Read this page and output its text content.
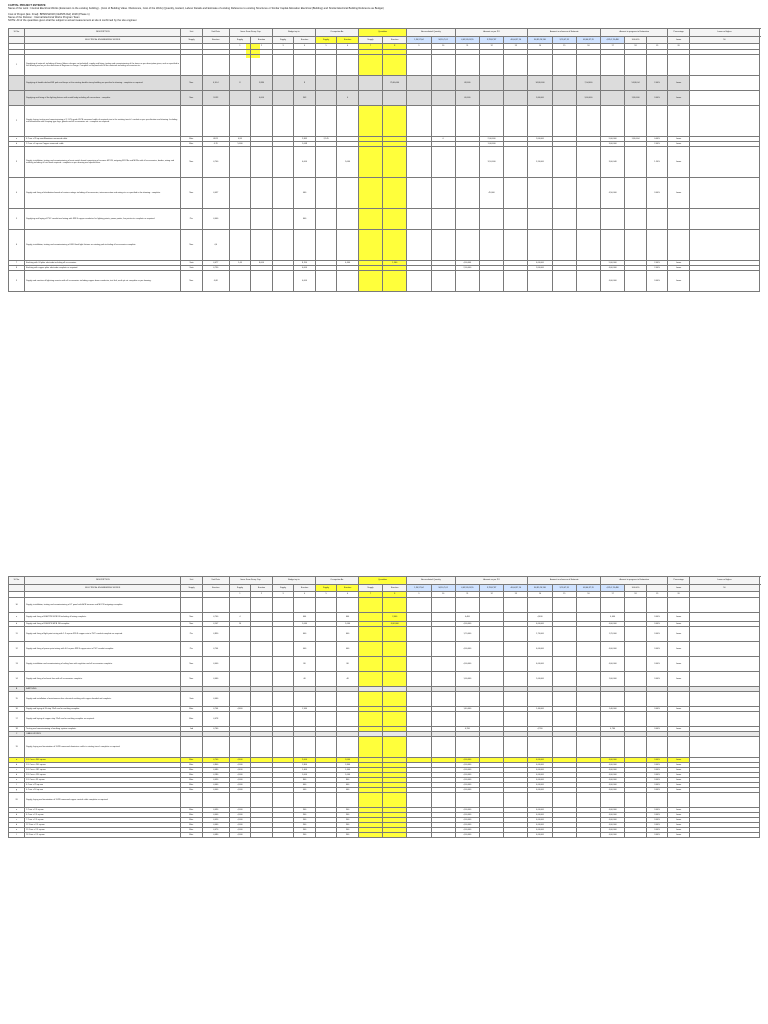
CAPITAL PROJECT ESTIMATE
Name of the work : Internal Electrical Works (Extension to the existing building) - (Cost of Building Value / Reference, Cost of the Work) (Quantity, Hazard, Labour Details and Estimate of existing Reference to existing Structures or Similar Capital Allocation Electrical (Building) and Similar Electrical Building Reference as Budget)
Cost of Project (Est. Final): BPMNS2018 (CEPMS Ref) 2018 (Phase 1)
Name of the Division : Internal Electrical Works Program Team
NOTE: All of the quantities given shall be subject to actual measurement at site & confirmed by the site engineer.
Sl. No.	DESCRIPTION	Unit	Unit Rate	Items From Scrap Cap.		Budget up to		Occupation As		Quantities		Accumulated Quantity		Amount as per PO			Amount in reference of Estimate			Amount in progress to Estimation			Percentage	Lower or Higher	
	ELECTRICAL ENGINEERING WORKS	Supply	Erection	Supply	Erection	Supply	Erection	Supply	Erection	Supply	Erection	1,34,97,64	34,10,7,01	4,65,93,03,55	3,78,67,87	46,44,97,10	84,85,26,130	3,76,07,31	48,64,87,70	4,85,1,76,480	100.00%		Lower	50	
				1	2	3	4	5	6	7	8	9	10	11	12	13	14	15	16	17	18	19	20		

1	Supplying of material, including all taxes (labour charges not included), supply and fixing, testing and commissioning of the items as per description given, and as specified in the drawing and as per the directions of Engineer in charge. Complete as required with all the materials including accessories etc.																								
	Supplying of double decked MS pole and lamps at the existing double storey building as specified in drawing - complete as required.	Nos.	4,10.4	8	5,880		8				25,60,000			48,000			34,80,000		7,04,000		54,80,04	2.00%	Lower		
	Supplying and fixing of the lighting fixtures with metal body including all connections - complete.	Nos.	24.33		4,000		303		0					40,000			3,60,000		3,60,000		1,80,000	3.00%	Lower		
2	Supply, laying, testing and commissioning of 1.1 KV grade XLPE armoured cable of required size in the existing trench / conduit as per specification and drawing. Including end termination with crimping type lugs, glands and all accessories etc - complete as required.																								
a	4 Core x 35 sq.mm Aluminium armoured cable	Mtrs.	48.11	4,84			2,865	2,145					0		2,00,000		2,00,000			5,00,000	1,80,004	0.00%	Lower		
b	2 Core x 6 sq.mm Copper armoured cable	Mtrs.	4.70	5,000			1,048								1,00,000					3,00,000		2.00%	Lower		
3	Supply, installation, testing and commissioning of main switch board comprising of incomer MCCB, outgoing MCCBs and MCBs with all accessories, busbar, wiring and earthing including all civil work required - complete as per drawing and specification.	Nos.	4,700				4,000		5,000						3,10,000		3,10,000			3,00,040		1.50%	Lower		
4	Supply and fixing of distribution boards of various ratings including all accessories, interconnection and wiring etc as specified in the drawing - complete.	Nos.	4,497				460								45,000					4,50,000		3.00%	Lower		
5	Supplying and laying of PVC conduit and wiring with FRLS copper conductor for lighting points, power points, fan points etc complete as required.	Pts.	4,440				600																		
6	Supply, installation, testing and commissioning of LED flood light fixtures on existing pole including all accessories complete.	Nos.	4,4																						
7	Earthing with GI plate electrode including all accessories.	Sets	4,477	1,44	8,000		8,150		4,440		1,560			4,00,004			4,00,000			5,00,000		2.00%	Lower		
8	Earthing with copper plate electrode complete as required.	Sets	4,790				4,000							2,00,000			2,00,000			4,00,000		2.00%	Lower		
9	Supply and erection of lightning arrestor with all accessories including copper down conductor, test link, earth pit etc complete as per drawing.	Nos.	4,08				4,000													4,00,000		3.00%	Lower		
Sl. No.	DESCRIPTION	Unit	Unit Rate	Items From Scrap Cap.		Budget up to		Occupation As		Quantities		Accumulated Quantity		Amount as per PO			Amount in reference of Estimate			Amount in progress to Estimation			Percentage	Lower or Higher	
	ELECTRICAL ENGINEERING WORKS	Supply	Erection	Supply	Erection	Supply	Erection	Supply	Erection	Supply	Erection	1,34,97,64	34,10,7,01	4,65,93,03,55	3,78,67,87	46,44,97,10	84,85,26,130	3,76,07,31	48,64,87,70	4,85,1,76,480	100.00%		Lower	50	
				1	2	3	4	5	6	7	8	9	10	11	12	13	14	15	16	17	18	19	20		
10	Supply, installation, testing and commissioning of LT panel with ACB incomer and MCCB outgoings complete.																								
a	Supply and fixing of 63A TPN MCB DB including all wiring complete.	Nos.	4,740	4			604		604		2,400			4,400			4,400			4,400		3.00%	Lower		
b	Supply and fixing of 32A SPN MCB DB complete.	Nos.	4,107	10			1,040		1,040		4,00,000			4,00,000			4,00,000			4,00,000		3.00%	Lower		
11	Supply and fixing of light point wiring with 1.5 sq.mm FRLS copper wire in PVC conduit complete as required.	Pts.	4,890				600		600					1,70,000			1,70,000			1,70,000		3.00%	Lower		
12	Supply and fixing of power point wiring with 4.0 sq.mm FRLS copper wire in PVC conduit complete.	Pts.	4,704				400		400					4,00,000			4,00,000			4,00,000		3.00%	Lower		
13	Supply, installation and commissioning of ceiling fans with regulator and all accessories complete.	Nos.	4,400				80		80					4,00,000			4,00,000			4,00,000		3.00%	Lower		
14	Supply and fixing of exhaust fans with all accessories complete.	Nos.	4,460				40		40					1,00,000			1,00,000			1,00,000		3.00%	Lower		
B	EARTHING																								
15	Supply and installation of maintenance-free chemical earthing with copper bonded rod complete.	Sets	4,460																						
16	Supply and laying of GI strip 25x3 mm for earthing complete.	Mtrs.	4,704	4,460			1,960							1,40,000			1,40,000			1,40,000		3.00%	Lower		
17	Supply and laying of copper strip 25x3 mm for earthing complete as required.	Mtrs.	4,478																						
18	Testing and commissioning of earthing system complete.	Job	4,760											4,760			4,760			4,760		3.00%	Lower		
C	CABLE WORKS																								
19	Supply, laying and termination of XLPE armoured aluminium cable in existing trench complete as required.																								
a	3.5 Core x 300 sq.mm	Mtrs.	4,740	4,600			2,000		2,000					4,00,000			4,00,000			4,00,000		3.00%	Lower		
b	3.5 Core x 240 sq.mm	Mtrs.	4,800	4,000			1,800		1,800					4,00,000			4,00,000			4,00,000		3.00%	Lower		
c	3.5 Core x 185 sq.mm	Mtrs.	4,480	4,400			1,400		1,400					4,00,000			4,00,000			4,00,000		3.00%	Lower		
d	3.5 Core x 150 sq.mm	Mtrs.	4,180	4,000			1,000		1,000					4,00,000			4,00,000			4,00,000		3.00%	Lower		
e	3.5 Core x 95 sq.mm	Mtrs.	4,090	4,000			800		800					4,00,000			4,00,000			4,00,000		3.00%	Lower		
f	4 Core x 25 sq.mm	Mtrs.	4,060	4,000			600		600					4,00,000			4,00,000			4,00,000		3.00%	Lower		
g	4 Core x 16 sq.mm	Mtrs.	4,040	4,000			400		400					4,00,000			4,00,000			4,00,000		3.00%	Lower		
20	Supply, laying and termination of XLPE armoured copper control cable complete as required.																								
a	2 Core x 2.5 sq.mm	Mtrs.	4,030	4,000			300		300					4,00,000			4,00,000			4,00,000		3.00%	Lower		
b	4 Core x 2.5 sq.mm	Mtrs.	4,040	4,000			300		300					4,00,000			4,00,000			4,00,000		3.00%	Lower		
c	7 Core x 2.5 sq.mm	Mtrs.	4,050	4,000			300		300					4,00,000			4,00,000			4,00,000		3.00%	Lower		
d	12 Core x 2.5 sq.mm	Mtrs.	4,060	4,000			300		300					4,00,000			4,00,000			4,00,000		3.00%	Lower		
e	19 Core x 2.5 sq.mm	Mtrs.	4,070	4,000			300		300					4,00,000			4,00,000			4,00,000		3.00%	Lower		
f	24 Core x 2.5 sq.mm	Mtrs.	4,080	4,000			300		300					4,00,000			4,00,000			4,00,000		3.00%	Lower		
